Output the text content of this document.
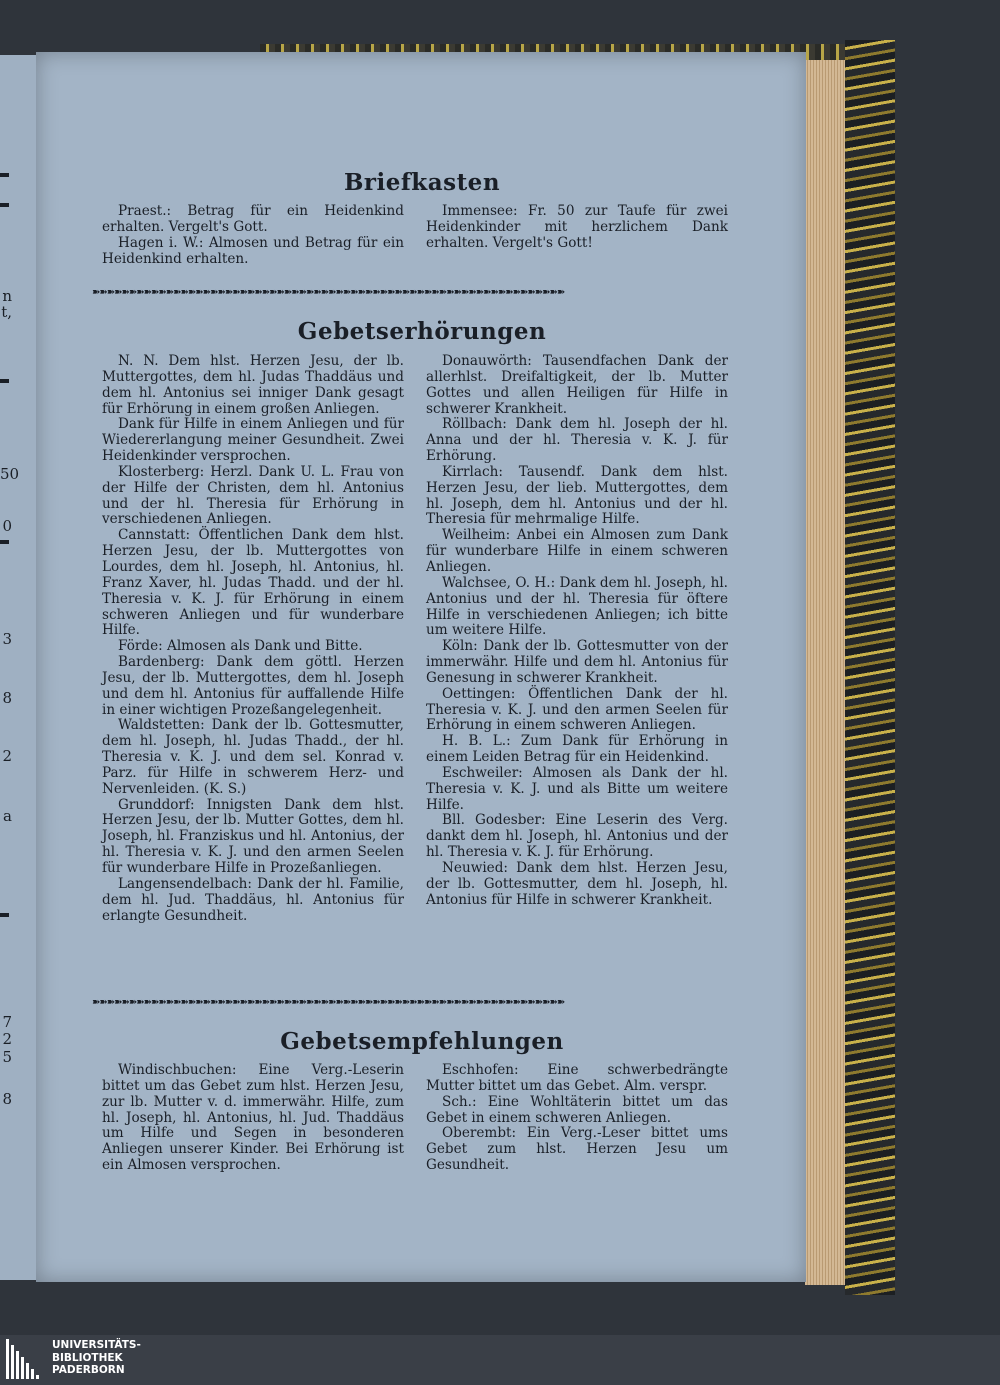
n
t,
50
0
3
8
2
a
7
2
5
8
Briefkasten

Praest.: Betrag für ein Heidenkind erhalten. Vergelt's Gott.

Hagen i. W.: Almosen und Betrag für ein Heidenkind erhalten.

Immensee: Fr. 50 zur Taufe für zwei Heidenkinder mit herzlichem Dank erhalten. Vergelt's Gott!

➽➽➽➽➽➽➽➽➽➽➽➽➽➽➽➽➽➽➽➽➽➽➽➽➽➽➽➽➽➽➽➽➽➽➽➽➽➽➽➽➽➽➽➽➽➽➽➽➽➽➽➽➽➽➽➽➽➽➽➽➽➽➽➽
Gebetserhörungen

N. N. Dem hlst. Herzen Jesu, der lb. Muttergottes, dem hl. Judas Thaddäus und dem hl. Antonius sei inniger Dank gesagt für Erhörung in einem großen Anliegen.

Dank für Hilfe in einem Anliegen und für Wiedererlangung meiner Gesundheit. Zwei Heidenkinder versprochen.

Klosterberg: Herzl. Dank U. L. Frau von der Hilfe der Christen, dem hl. Antonius und der hl. Theresia für Erhörung in verschiedenen Anliegen.

Cannstatt: Öffentlichen Dank dem hlst. Herzen Jesu, der lb. Muttergottes von Lourdes, dem hl. Joseph, hl. Antonius, hl. Franz Xaver, hl. Judas Thadd. und der hl. Theresia v. K. J. für Erhörung in einem schweren Anliegen und für wunderbare Hilfe.

Förde: Almosen als Dank und Bitte.

Bardenberg: Dank dem göttl. Herzen Jesu, der lb. Muttergottes, dem hl. Joseph und dem hl. Antonius für auffallende Hilfe in einer wichtigen Prozeßangelegenheit.

Waldstetten: Dank der lb. Gottesmutter, dem hl. Joseph, hl. Judas Thadd., der hl. Theresia v. K. J. und dem sel. Konrad v. Parz. für Hilfe in schwerem Herz- und Nervenleiden. (K. S.)

Grunddorf: Innigsten Dank dem hlst. Herzen Jesu, der lb. Mutter Gottes, dem hl. Joseph, hl. Franziskus und hl. Antonius, der hl. Theresia v. K. J. und den armen Seelen für wunderbare Hilfe in Prozeßanliegen.

Langensendelbach: Dank der hl. Familie, dem hl. Jud. Thaddäus, hl. Antonius für erlangte Gesundheit.

Donauwörth: Tausendfachen Dank der allerhlst. Dreifaltigkeit, der lb. Mutter Gottes und allen Heiligen für Hilfe in schwerer Krankheit.

Röllbach: Dank dem hl. Joseph der hl. Anna und der hl. Theresia v. K. J. für Erhörung.

Kirrlach: Tausendf. Dank dem hlst. Herzen Jesu, der lieb. Muttergottes, dem hl. Joseph, dem hl. Antonius und der hl. Theresia für mehrmalige Hilfe.

Weilheim: Anbei ein Almosen zum Dank für wunderbare Hilfe in einem schweren Anliegen.

Walchsee, O. H.: Dank dem hl. Joseph, hl. Antonius und der hl. Theresia für öftere Hilfe in verschiedenen Anliegen; ich bitte um weitere Hilfe.

Köln: Dank der lb. Gottesmutter von der immerwähr. Hilfe und dem hl. Antonius für Genesung in schwerer Krankheit.

Oettingen: Öffentlichen Dank der hl. Theresia v. K. J. und den armen Seelen für Erhörung in einem schweren Anliegen.

H. B. L.: Zum Dank für Erhörung in einem Leiden Betrag für ein Heidenkind.

Eschweiler: Almosen als Dank der hl. Theresia v. K. J. und als Bitte um weitere Hilfe.

Bll. Godesber: Eine Leserin des Verg. dankt dem hl. Joseph, hl. Antonius und der hl. Theresia v. K. J. für Erhörung.

Neuwied: Dank dem hlst. Herzen Jesu, der lb. Gottesmutter, dem hl. Joseph, hl. Antonius für Hilfe in schwerer Krankheit.

➽➽➽➽➽➽➽➽➽➽➽➽➽➽➽➽➽➽➽➽➽➽➽➽➽➽➽➽➽➽➽➽➽➽➽➽➽➽➽➽➽➽➽➽➽➽➽➽➽➽➽➽➽➽➽➽➽➽➽➽➽➽➽➽
Gebetsempfehlungen

Windischbuchen: Eine Verg.-Leserin bittet um das Gebet zum hlst. Herzen Jesu, zur lb. Mutter v. d. immerwähr. Hilfe, zum hl. Joseph, hl. Antonius, hl. Jud. Thaddäus um Hilfe und Segen in besonderen Anliegen unserer Kinder. Bei Erhörung ist ein Almosen versprochen.

Eschhofen: Eine schwerbedrängte Mutter bittet um das Gebet. Alm. verspr.

Sch.: Eine Wohltäterin bittet um das Gebet in einem schweren Anliegen.

Oberembt: Ein Verg.-Leser bittet ums Gebet zum hlst. Herzen Jesu um Gesundheit.

UNIVERSITÄTS-
BIBLIOTHEK
PADERBORN
